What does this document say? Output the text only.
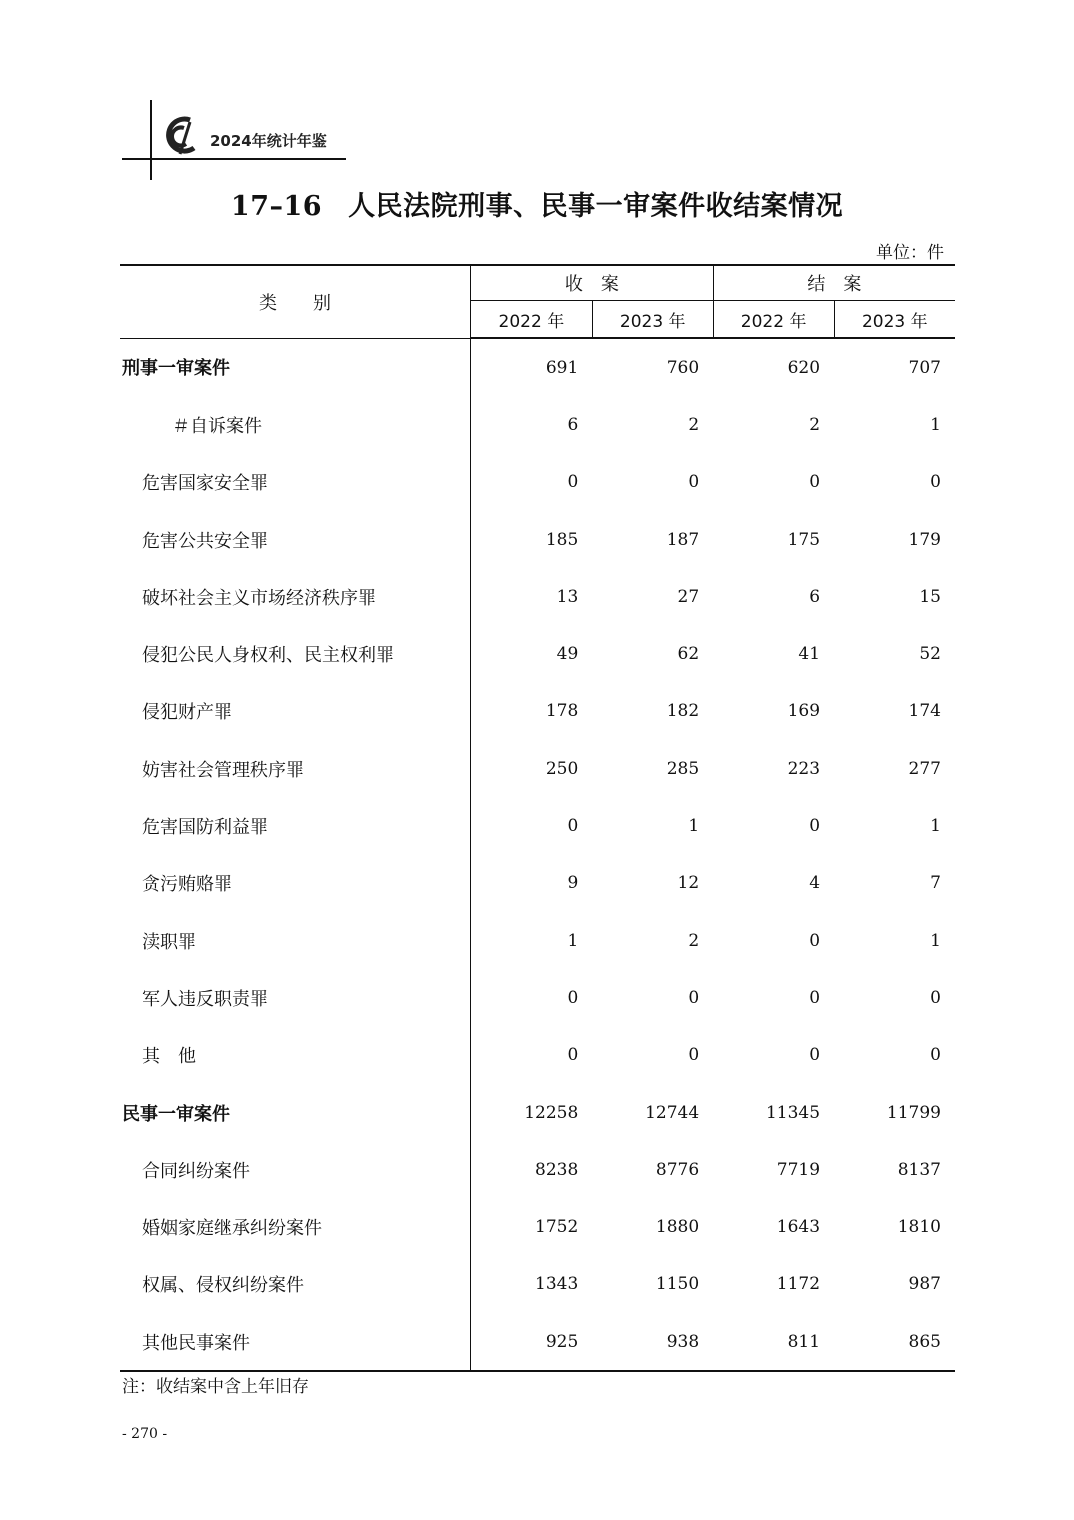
2024年统计年鉴
17–16 人民法院刑事、民事一审案件收结案情况
单位：件
类　　别	收　案		结　案	
	2022 年	2023 年	2022 年	2023 年
刑事一审案件	691	760	620	707
＃自诉案件	6	2	2	1
危害国家安全罪	0	0	0	0
危害公共安全罪	185	187	175	179
破坏社会主义市场经济秩序罪	13	27	6	15
侵犯公民人身权利、民主权利罪	49	62	41	52
侵犯财产罪	178	182	169	174
妨害社会管理秩序罪	250	285	223	277
危害国防利益罪	0	1	0	1
贪污贿赂罪	9	12	4	7
渎职罪	1	2	0	1
军人违反职责罪	0	0	0	0
其　他	0	0	0	0
民事一审案件	12258	12744	11345	11799
合同纠纷案件	8238	8776	7719	8137
婚姻家庭继承纠纷案件	1752	1880	1643	1810
权属、侵权纠纷案件	1343	1150	1172	987
其他民事案件	925	938	811	865
注：收结案中含上年旧存
- 270 -
